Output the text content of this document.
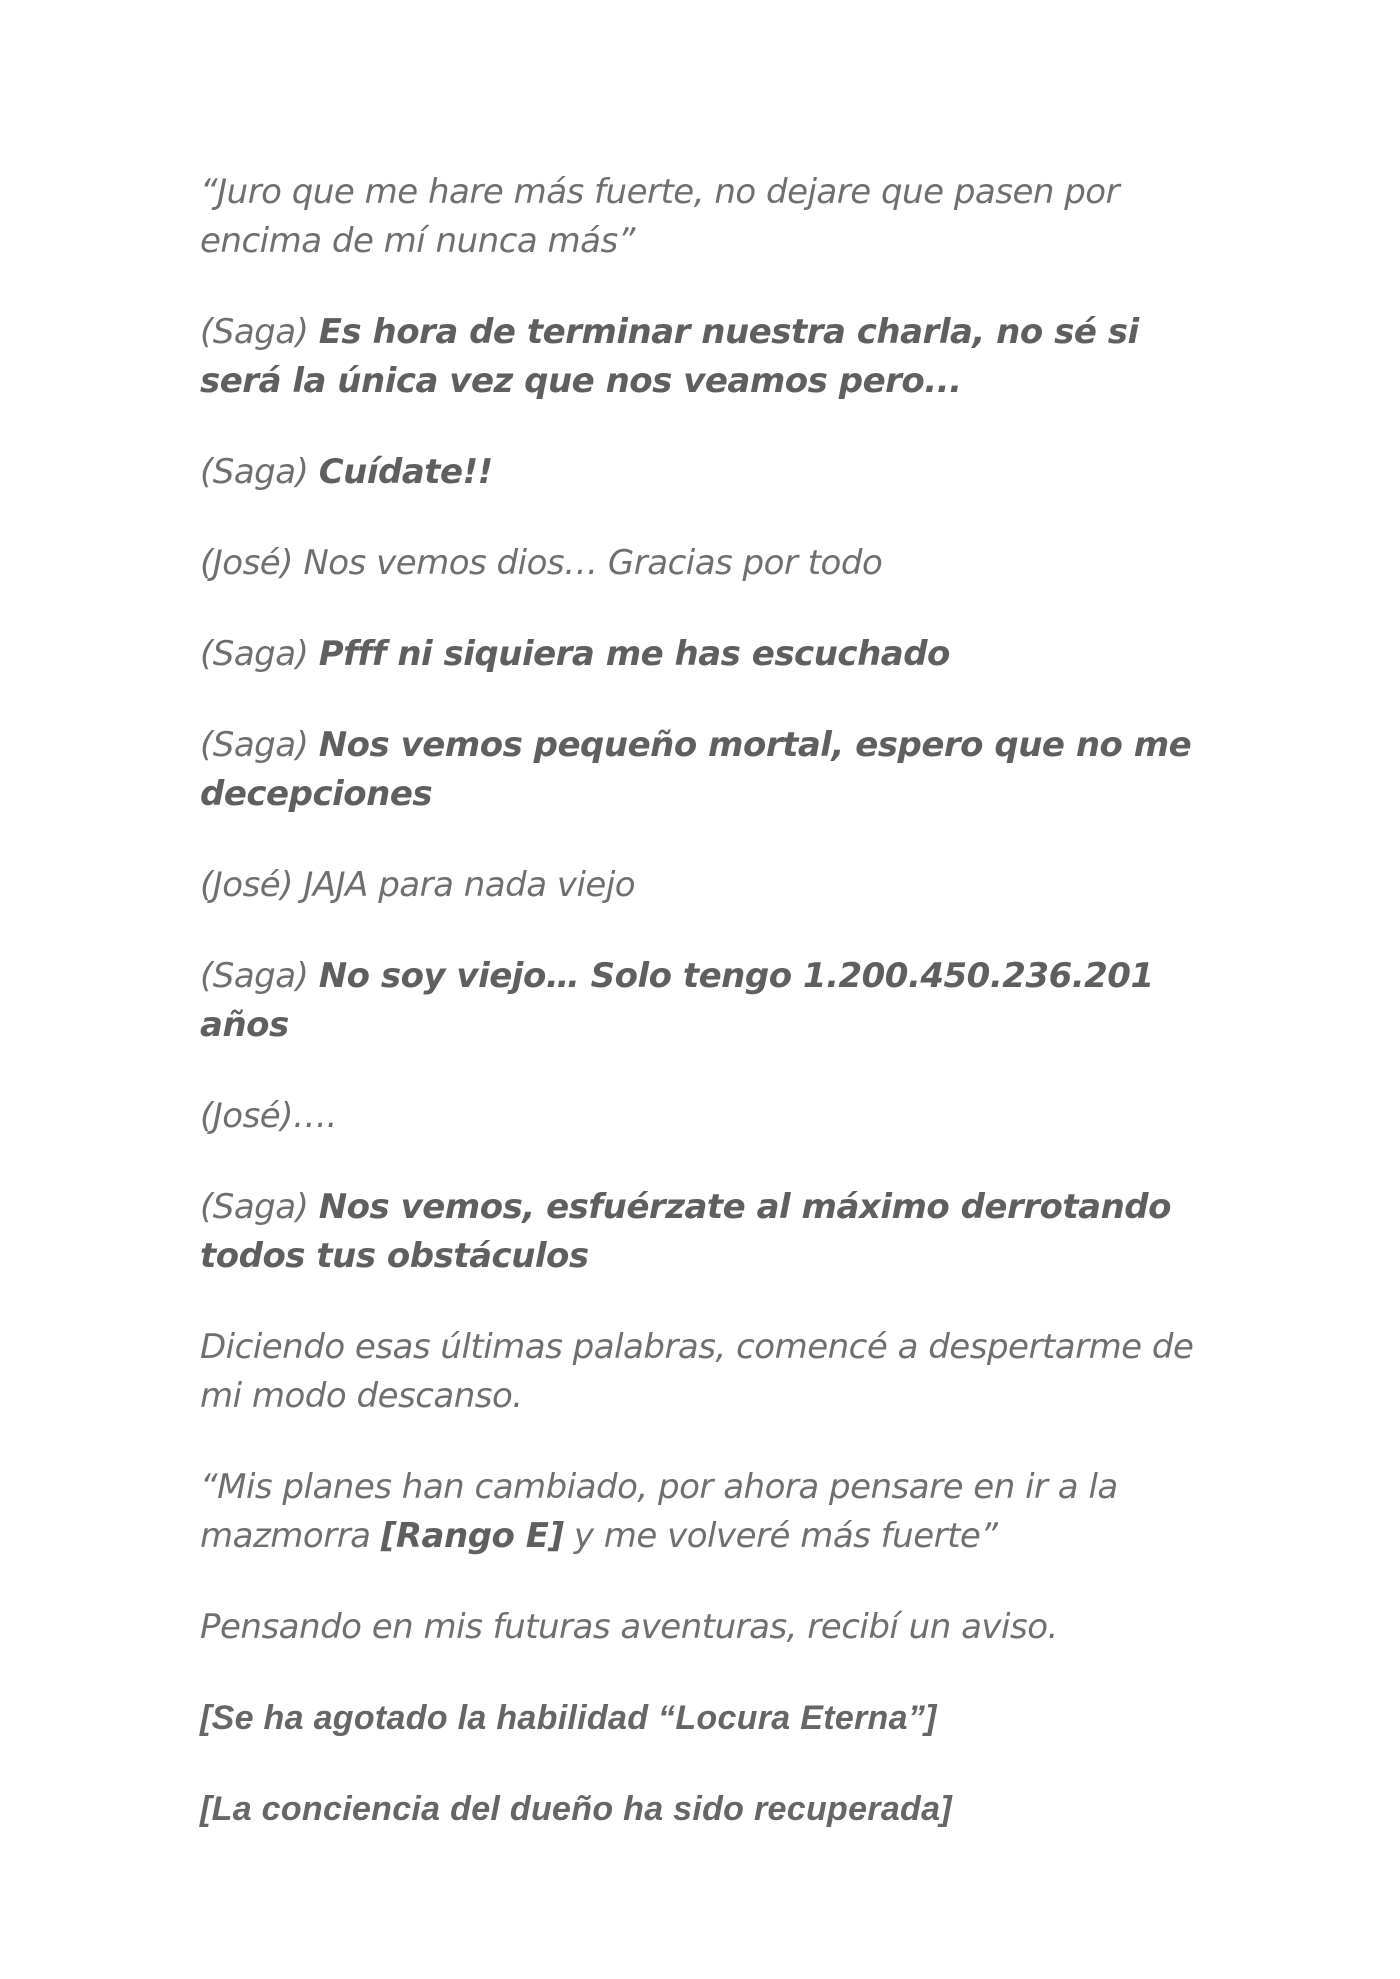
“Juro que me hare más fuerte, no dejare que pasen por encima de mí nunca más”

(Saga) Es hora de terminar nuestra charla, no sé si será la única vez que nos veamos pero...

(Saga) Cuídate!!

(José) Nos vemos dios… Gracias por todo

(Saga) Pfff ni siquiera me has escuchado

(Saga) Nos vemos pequeño mortal, espero que no me decepciones

(José) JAJA para nada viejo

(Saga) No soy viejo… Solo tengo 1.200.450.236.201 años

(José)….

(Saga) Nos vemos, esfuérzate al máximo derrotando todos tus obstáculos

Diciendo esas últimas palabras, comencé a despertarme de mi modo descanso.

“Mis planes han cambiado, por ahora pensare en ir a la mazmorra [Rango E] y me volveré más fuerte”

Pensando en mis futuras aventuras, recibí un aviso.

[Se ha agotado la habilidad “Locura Eterna”]

[La conciencia del dueño ha sido recuperada]
